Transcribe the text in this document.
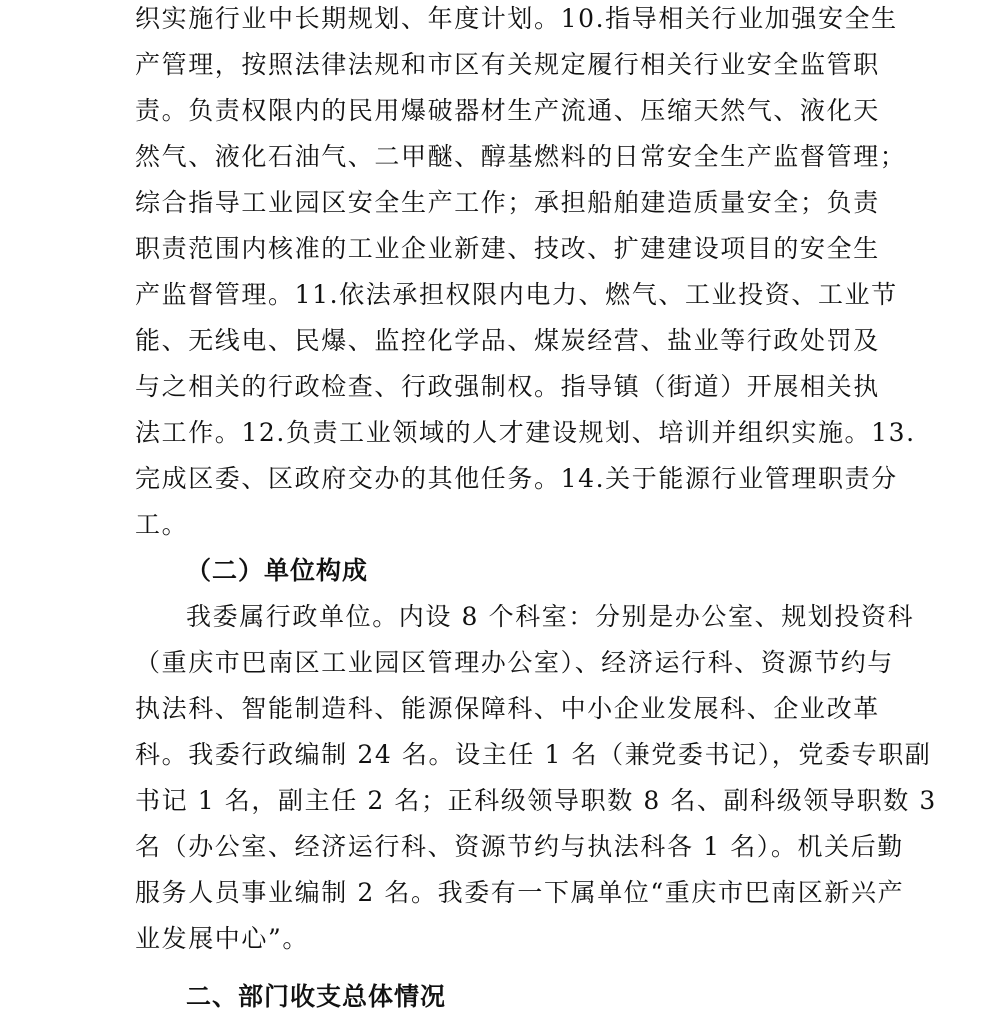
织实施行业中长期规划、年度计划。10.指导相关行业加强安全生
产管理，按照法律法规和市区有关规定履行相关行业安全监管职
责。负责权限内的民用爆破器材生产流通、压缩天然气、液化天
然气、液化石油气、二甲醚、醇基燃料的日常安全生产监督管理；
综合指导工业园区安全生产工作；承担船舶建造质量安全；负责
职责范围内核准的工业企业新建、技改、扩建建设项目的安全生
产监督管理。11.依法承担权限内电力、燃气、工业投资、工业节
能、无线电、民爆、监控化学品、煤炭经营、盐业等行政处罚及
与之相关的行政检查、行政强制权。指导镇（街道）开展相关执
法工作。12.负责工业领域的人才建设规划、培训并组织实施。13.
完成区委、区政府交办的其他任务。14.关于能源行业管理职责分
工。
（二）单位构成
我委属行政单位。内设 8 个科室：分别是办公室、规划投资科
（重庆市巴南区工业园区管理办公室）、经济运行科、资源节约与
执法科、智能制造科、能源保障科、中小企业发展科、企业改革
科。我委行政编制 24 名。设主任 1 名（兼党委书记），党委专职副
书记 1 名，副主任 2 名；正科级领导职数 8 名、副科级领导职数 3
名（办公室、经济运行科、资源节约与执法科各 1 名）。机关后勤
服务人员事业编制 2 名。我委有一下属单位“重庆市巴南区新兴产
业发展中心”。
二、部门收支总体情况
